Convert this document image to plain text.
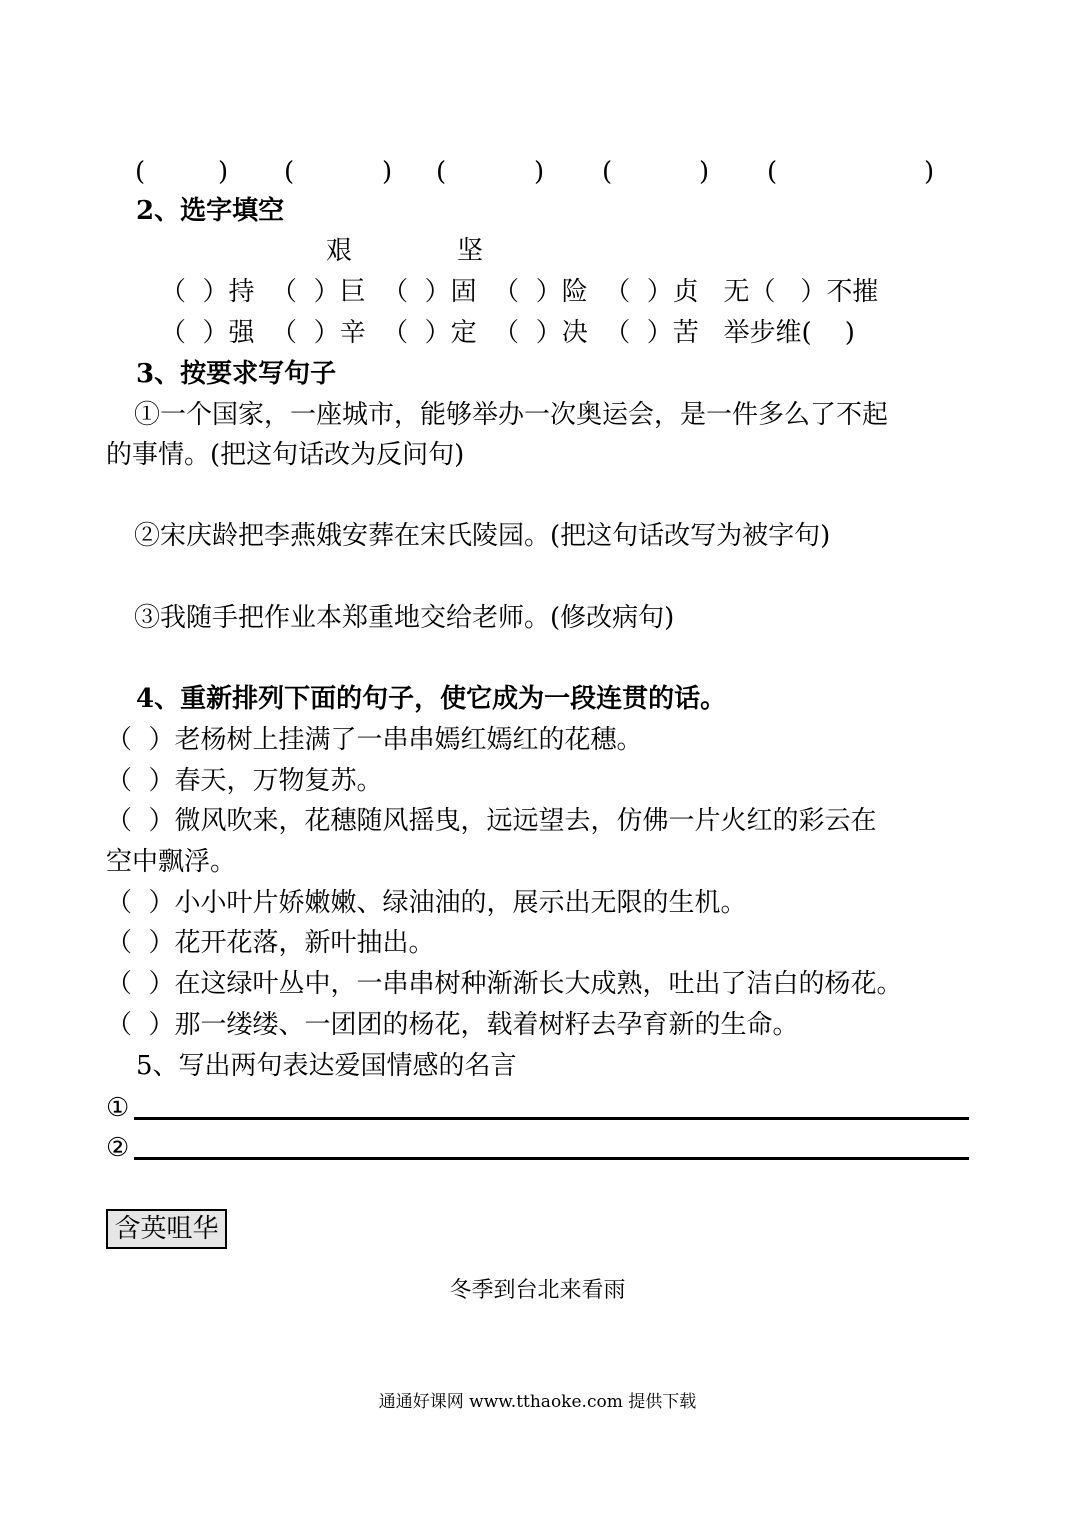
(	) (	) (	) (	) (	)
2、选字填空
艰	坚
（  ）持  （  ）巨  （  ）固  （  ）险  （  ）贞   无（   ）不摧
（  ）强  （  ）辛  （  ）定  （  ）决  （  ）苦   举步维(    )
3、按要求写句子
①一个国家，一座城市，能够举办一次奥运会，是一件多么了不起
的事情。(把这句话改为反问句)
②宋庆龄把李燕娥安葬在宋氏陵园。(把这句话改写为被字句)
③我随手把作业本郑重地交给老师。(修改病句)
4、重新排列下面的句子，使它成为一段连贯的话。
（  ）老杨树上挂满了一串串嫣红嫣红的花穗。
（  ）春天，万物复苏。
（  ）微风吹来，花穗随风摇曳，远远望去，仿佛一片火红的彩云在
空中飘浮。
（  ）小小叶片娇嫩嫩、绿油油的，展示出无限的生机。
（  ）花开花落，新叶抽出。
（  ）在这绿叶丛中，一串串树种渐渐长大成熟，吐出了洁白的杨花。
（  ）那一缕缕、一团团的杨花，载着树籽去孕育新的生命。
5、写出两句表达爱国情感的名言
①
②
含英咀华
冬季到台北来看雨
通通好课网 www.tthaoke.com 提供下载
